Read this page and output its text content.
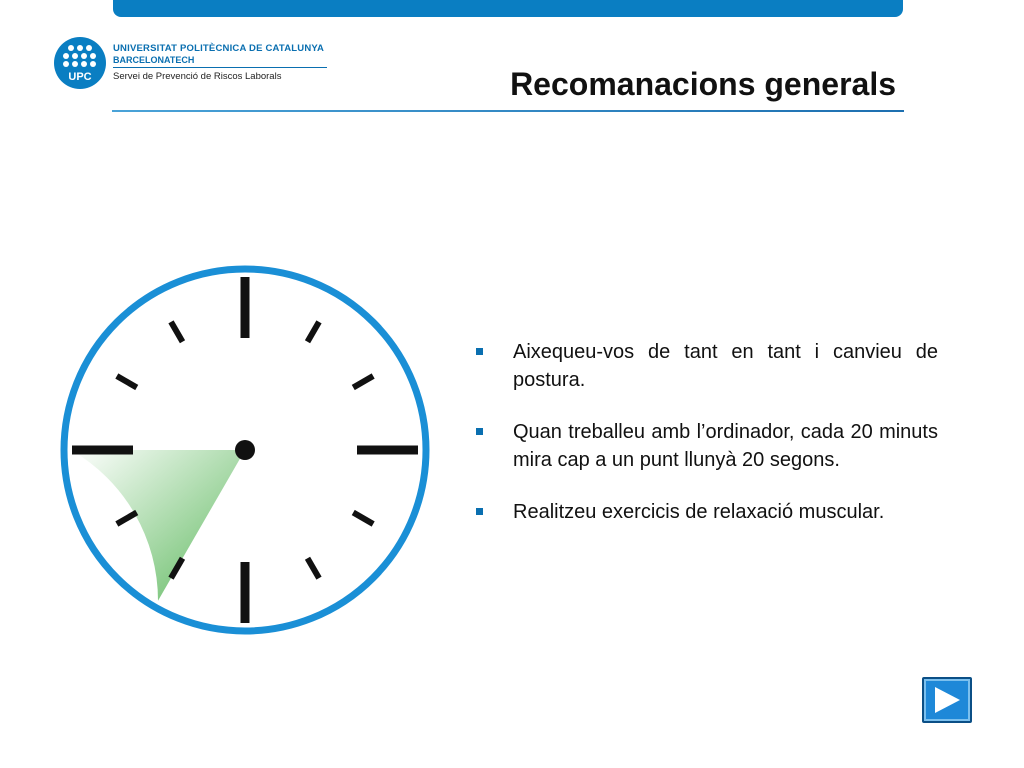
UPC
UNIVERSITAT POLITÈCNICA DE CATALUNYA
BARCELONATECH
Servei de Prevenció de Riscos Laborals	Recomanacions generals
Aixequeu-vos de tant en tant i canvieu de postura.
Quan treballeu amb l’ordinador, cada 20 minuts mira cap a un punt llunyà 20 segons.
Realitzeu exercicis de relaxació muscular.
